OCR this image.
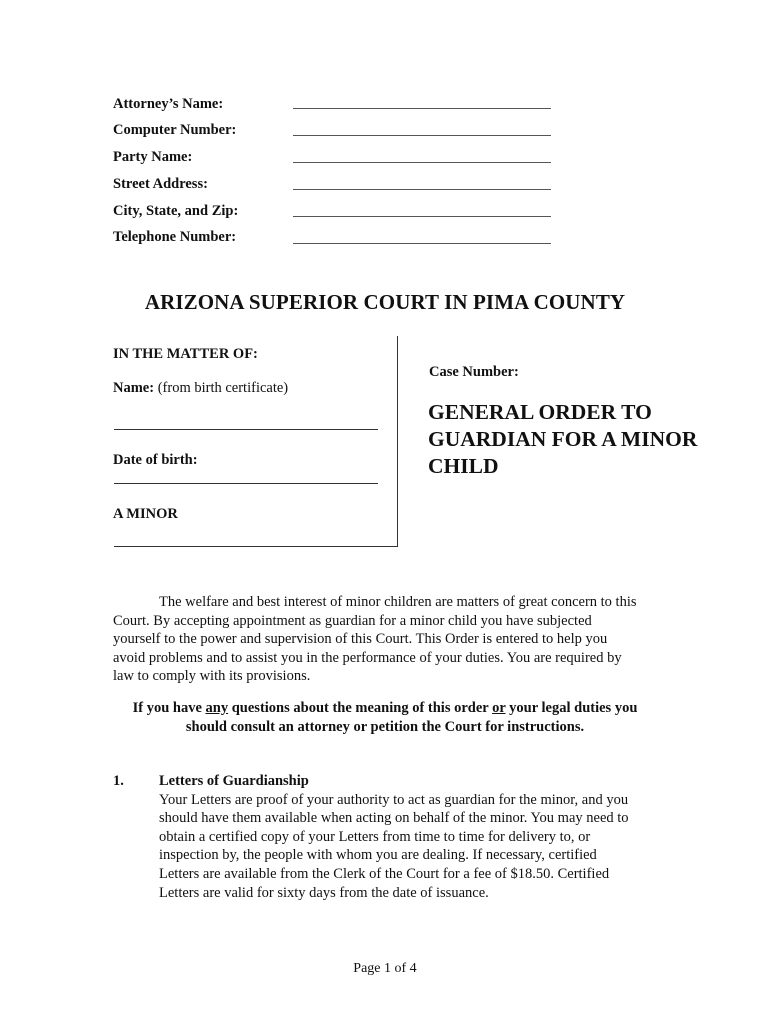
Attorney’s Name:
Computer Number:
Party Name:
Street Address:
City, State, and Zip:
Telephone Number:
ARIZONA SUPERIOR COURT IN PIMA COUNTY
IN THE MATTER OF:
Name: (from birth certificate)
Date of birth:
A MINOR
Case Number:
GENERAL ORDER TO
GUARDIAN FOR A MINOR
CHILD
The welfare and best interest of minor children are matters of great concern to this
Court. By accepting appointment as guardian for a minor child you have subjected
yourself to the power and supervision of this Court. This Order is entered to help you
avoid problems and to assist you in the performance of your duties. You are required by
law to comply with its provisions.
If you have any questions about the meaning of this order or your legal duties you
should consult an attorney or petition the Court for instructions.
1. Letters of Guardianship
Your Letters are proof of your authority to act as guardian for the minor, and you
should have them available when acting on behalf of the minor. You may need to
obtain a certified copy of your Letters from time to time for delivery to, or
inspection by, the people with whom you are dealing. If necessary, certified
Letters are available from the Clerk of the Court for a fee of $18.50. Certified
Letters are valid for sixty days from the date of issuance.
Page 1 of 4
